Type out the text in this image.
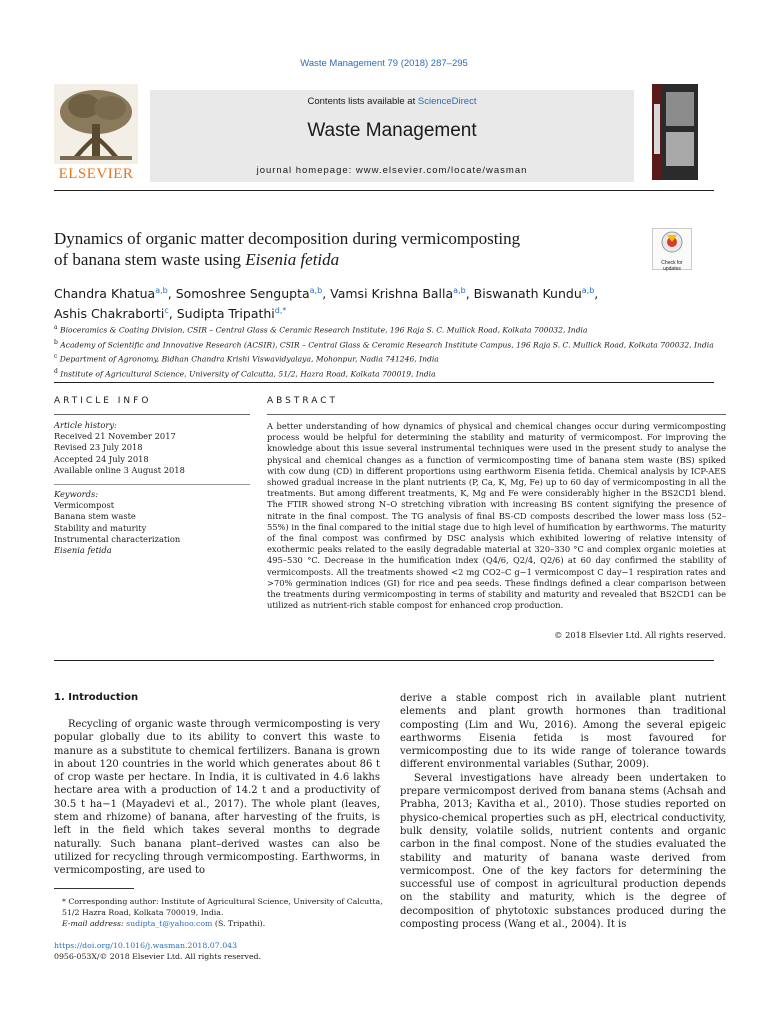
Waste Management 79 (2018) 287–295
ELSEVIER
Contents lists available at ScienceDirect
Waste Management
journal homepage: www.elsevier.com/locate/wasman
Dynamics of organic matter decomposition during vermicomposting
of banana stem waste using Eisenia fetida	Check for updates
Chandra Khatua$^{a,b}$, Somoshree Sengupta$^{a,b}$, Vamsi Krishna Balla$^{a,b}$, Biswanath Kundu$^{a,b}$,
Ashis Chakraborti$^c$, Sudipta Tripathi$^{d,*}$
$^a$ Bioceramics & Coating Division, CSIR – Central Glass & Ceramic Research Institute, 196 Raja S. C. Mullick Road, Kolkata 700032, India
$^b$ Academy of Scientific and Innovative Research (ACSIR), CSIR – Central Glass & Ceramic Research Institute Campus, 196 Raja S. C. Mullick Road, Kolkata 700032, India
$^c$ Department of Agronomy, Bidhan Chandra Krishi Viswavidyalaya, Mohonpur, Nadia 741246, India
$^d$ Institute of Agricultural Science, University of Calcutta, 51/2, Hazra Road, Kolkata 700019, India
ARTICLE INFO
Article history:
Received 21 November 2017
Revised 23 July 2018
Accepted 24 July 2018
Available online 3 August 2018
Keywords:
Vermicompost
Banana stem waste
Stability and maturity
Instrumental characterization
Eisenia fetida
ABSTRACT
A better understanding of how dynamics of physical and chemical changes occur during vermicomposting process would be helpful for determining the stability and maturity of vermicompost. For improving the knowledge about this issue several instrumental techniques were used in the present study to analyse the physical and chemical changes as a function of vermicomposting time of banana stem waste (BS) spiked with cow dung (CD) in different proportions using earthworm Eisenia fetida. Chemical analysis by ICP-AES showed gradual increase in the plant nutrients (P, Ca, K, Mg, Fe) up to 60 day of vermicomposting in all the treatments. But among different treatments, K, Mg and Fe were considerably higher in the BS2CD1 blend. The FTIR showed strong N–O stretching vibration with increasing BS content signifying the presence of nitrate in the final compost. The TG analysis of final BS-CD composts described the lower mass loss (52–55%) in the final compared to the initial stage due to high level of humification by earthworms. The maturity of the final compost was confirmed by DSC analysis which exhibited lowering of relative intensity of exothermic peaks related to the easily degradable material at 320–330 °C and complex organic moieties at 495–530 °C. Decrease in the humification index (Q4/6, Q2/4, Q2/6) at 60 day confirmed the stability of vermicomposts. All the treatments showed <2 mg CO2–C g−1 vermicompost C day−1 respiration rates and >70% germination indices (GI) for rice and pea seeds. These findings defined a clear comparison between the treatments during vermicomposting in terms of stability and maturity and revealed that BS2CD1 can be utilized as nutrient-rich stable compost for enhanced crop production.
© 2018 Elsevier Ltd. All rights reserved.
1. Introduction

Recycling of organic waste through vermicomposting is very popular globally due to its ability to convert this waste to manure as a substitute to chemical fertilizers. Banana is grown in about 120 countries in the world which generates about 86 t of crop waste per hectare. In India, it is cultivated in 4.6 lakhs hectare area with a production of 14.2 t and a productivity of 30.5 t ha−1 (Mayadevi et al., 2017). The whole plant (leaves, stem and rhizome) of banana, after harvesting of the fruits, is left in the field which takes several months to degrade naturally. Such banana plant–derived wastes can also be utilized for recycling through vermicomposting. Earthworms, in vermicomposting, are used to

derive a stable compost rich in available plant nutrient elements and plant growth hormones than traditional composting (Lim and Wu, 2016). Among the several epigeic earthworms Eisenia fetida is most favoured for vermicomposting due to its wide range of tolerance towards different environmental variables (Suthar, 2009).

Several investigations have already been undertaken to prepare vermicompost derived from banana stems (Achsah and Prabha, 2013; Kavitha et al., 2010). Those studies reported on physico-chemical properties such as pH, electrical conductivity, bulk density, volatile solids, nutrient contents and organic carbon in the final compost. None of the studies evaluated the stability and maturity of banana waste derived from vermicompost. One of the key factors for determining the successful use of compost in agricultural production depends on the stability and maturity, which is the degree of decomposition of phytotoxic substances produced during the composting process (Wang et al., 2004). It is

* Corresponding author: Institute of Agricultural Science, University of Calcutta, 51/2 Hazra Road, Kolkata 700019, India.
E-mail address: sudipta_t@yahoo.com (S. Tripathi).
https://doi.org/10.1016/j.wasman.2018.07.043
0956-053X/© 2018 Elsevier Ltd. All rights reserved.
